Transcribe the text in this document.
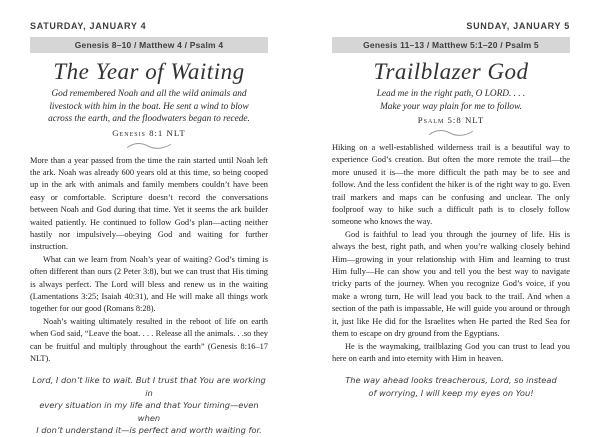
SATURDAY, JANUARY 4
Genesis 8–10 / Matthew 4 / Psalm 4
The Year of Waiting
God remembered Noah and all the wild animals and
livestock with him in the boat. He sent a wind to blow
across the earth, and the floodwaters began to recede.
Genesis 8:1 NLT

More than a year passed from the time the rain started until Noah left the ark. Noah was already 600 years old at this time, so being cooped up in the ark with animals and family members couldn’t have been easy or comfortable. Scripture doesn’t record the conversations between Noah and God during that time. Yet it seems the ark builder waited patiently. He continued to follow God’s plan—acting neither hastily nor impulsively—obeying God and waiting for further instruction.

What can we learn from Noah’s year of waiting? God’s timing is often different than ours (2 Peter 3:8), but we can trust that His timing is always perfect. The Lord will bless and renew us in the waiting (Lamentations 3:25; Isaiah 40:31), and He will make all things work together for our good (Romans 8:28).

Noah’s waiting ultimately resulted in the reboot of life on earth when God said, “Leave the boat. . . . Release all the animals. . .so they can be fruitful and multiply throughout the earth” (Genesis 8:16–17 NLT).

Lord, I don’t like to wait. But I trust that You are working in
every situation in my life and that Your timing—even when
I don’t understand it—is perfect and worth waiting for.
SUNDAY, JANUARY 5
Genesis 11–13 / Matthew 5:1–20 / Psalm 5
Trailblazer God
Lead me in the right path, O LORD. . . .
Make your way plain for me to follow.
Psalm 5:8 NLT

Hiking on a well-established wilderness trail is a beautiful way to experience God’s creation. But often the more remote the trail—the more unused it is—the more difficult the path may be to see and follow. And the less confident the hiker is of the right way to go. Even trail markers and maps can be confusing and unclear. The only foolproof way to hike such a difficult path is to closely follow someone who knows the way.

God is faithful to lead you through the journey of life. His is always the best, right path, and when you’re walking closely behind Him—growing in your relationship with Him and learning to trust Him fully—He can show you and tell you the best way to navigate tricky parts of the journey. When you recognize God’s voice, if you make a wrong turn, He will lead you back to the trail. And when a section of the path is impassable, He will guide you around or through it, just like He did for the Israelites when He parted the Red Sea for them to escape on dry ground from the Egyptians.

He is the waymaking, trailblazing God you can trust to lead you here on earth and into eternity with Him in heaven.

The way ahead looks treacherous, Lord, so instead
of worrying, I will keep my eyes on You!
